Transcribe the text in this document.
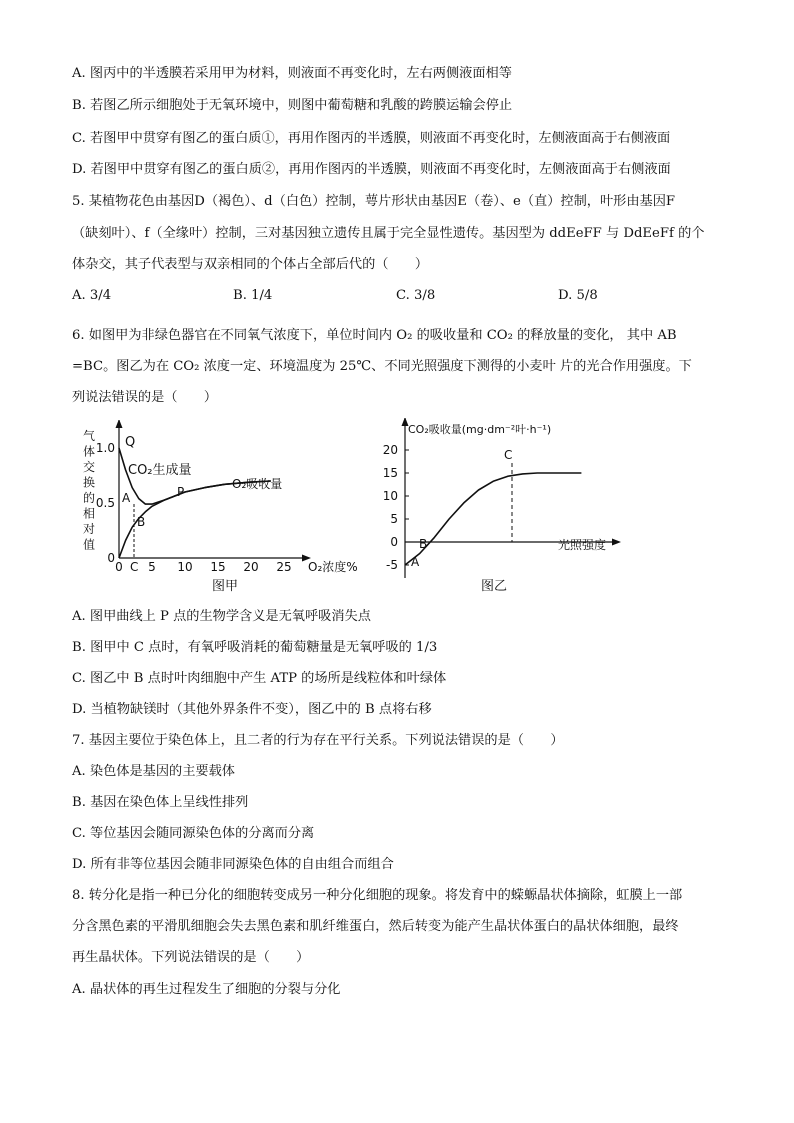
A. 图丙中的半透膜若采用甲为材料，则液面不再变化时，左右两侧液面相等
B. 若图乙所示细胞处于无氧环境中，则图中葡萄糖和乳酸的跨膜运输会停止
C. 若图甲中贯穿有图乙的蛋白质①，再用作图丙的半透膜，则液面不再变化时，左侧液面高于右侧液面
D. 若图甲中贯穿有图乙的蛋白质②，再用作图丙的半透膜，则液面不再变化时，左侧液面高于右侧液面
5. 某植物花色由基因D（褐色）、d（白色）控制，萼片形状由基因E（卷）、e（直）控制，叶形由基因F
（缺刻叶）、f（全缘叶）控制，三对基因独立遗传且属于完全显性遗传。基因型为 ddEeFF 与 DdEeFf 的个
体杂交，其子代表型与双亲相同的个体占全部后代的（　　）
A. 3/4	B. 1/4	C. 3/8	D. 5/8
6. 如图甲为非绿色器官在不同氧气浓度下，单位时间内 O₂ 的吸收量和 CO₂ 的释放量的变化， 其中 AB
=BC。图乙为在 CO₂ 浓度一定、环境温度为 25℃、不同光照强度下测得的小麦叶 片的光合作用强度。下
列说法错误的是（　　）
气体交换的相对值
0 C 5 10 15 20 25
0
0.5
1.0 Q
A
B
P
CO₂生成量
O₂吸收量
O₂浓度%
图甲
CO₂吸收量(mg·dm⁻²叶·h⁻¹)
光照强度
-5
0
5
10
15
20
A
B
C
图乙
A. 图甲曲线上 P 点的生物学含义是无氧呼吸消失点
B. 图甲中 C 点时，有氧呼吸消耗的葡萄糖量是无氧呼吸的 1/3
C. 图乙中 B 点时叶肉细胞中产生 ATP 的场所是线粒体和叶绿体
D. 当植物缺镁时（其他外界条件不变），图乙中的 B 点将右移
7. 基因主要位于染色体上，且二者的行为存在平行关系。下列说法错误的是（　　）
A. 染色体是基因的主要载体
B. 基因在染色体上呈线性排列
C. 等位基因会随同源染色体的分离而分离
D. 所有非等位基因会随非同源染色体的自由组合而组合
8. 转分化是指一种已分化的细胞转变成另一种分化细胞的现象。将发育中的蝾螈晶状体摘除，虹膜上一部
分含黑色素的平滑肌细胞会失去黑色素和肌纤维蛋白，然后转变为能产生晶状体蛋白的晶状体细胞，最终
再生晶状体。下列说法错误的是（　　）
A. 晶状体的再生过程发生了细胞的分裂与分化
